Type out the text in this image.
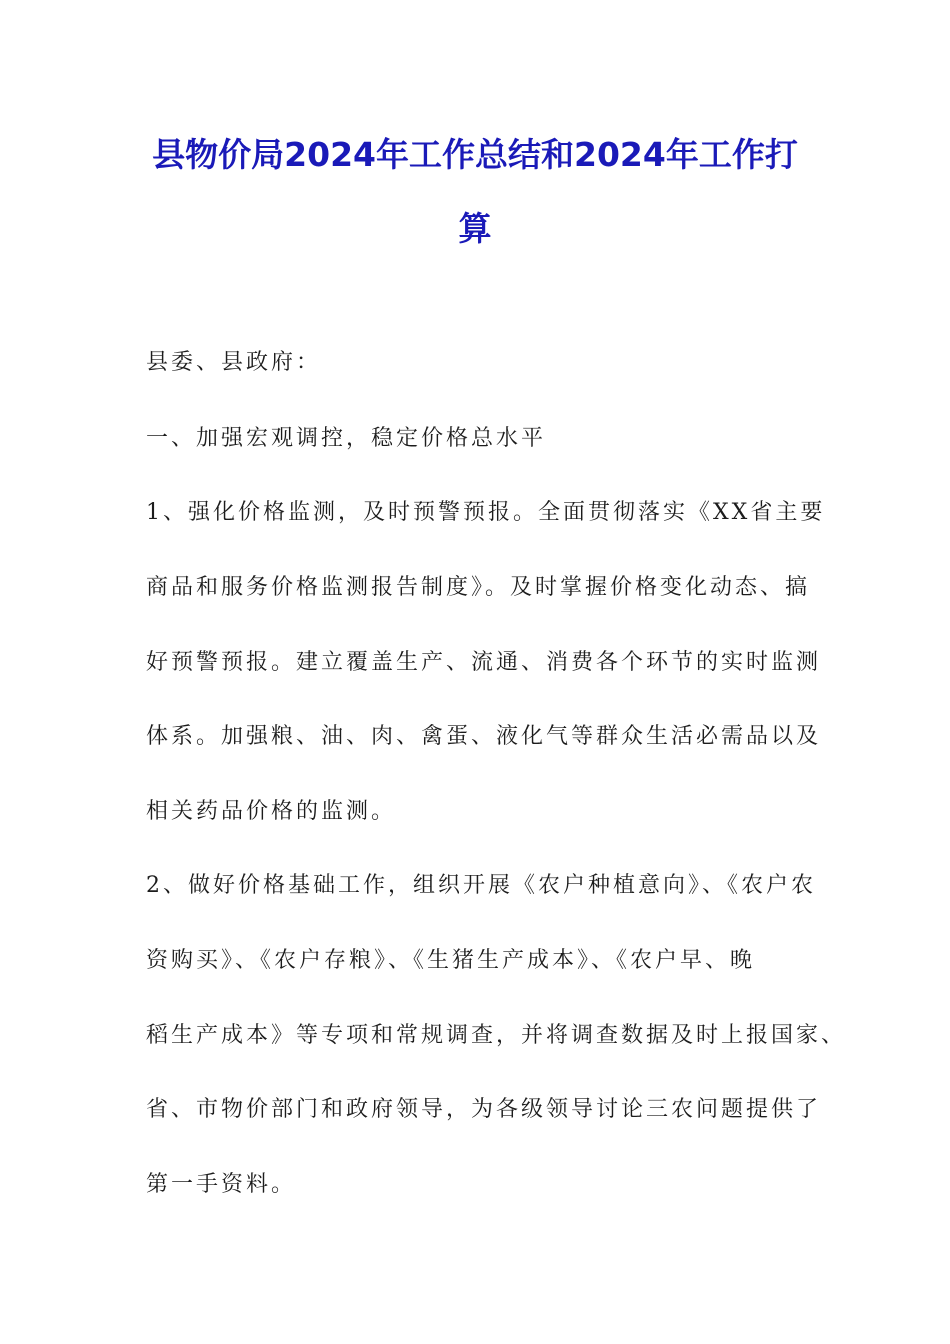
县物价局2024年工作总结和2024年工作打
算
县委、县政府：
一、加强宏观调控，稳定价格总水平
1、强化价格监测，及时预警预报。全面贯彻落实《XX省主要
商品和服务价格监测报告制度》。及时掌握价格变化动态、搞
好预警预报。建立覆盖生产、流通、消费各个环节的实时监测
体系。加强粮、油、肉、禽蛋、液化气等群众生活必需品以及
相关药品价格的监测。
2、做好价格基础工作，组织开展《农户种植意向》、《农户农
资购买》、《农户存粮》、《生猪生产成本》、《农户早、晚
稻生产成本》等专项和常规调查，并将调查数据及时上报国家、
省、市物价部门和政府领导，为各级领导讨论三农问题提供了
第一手资料。
